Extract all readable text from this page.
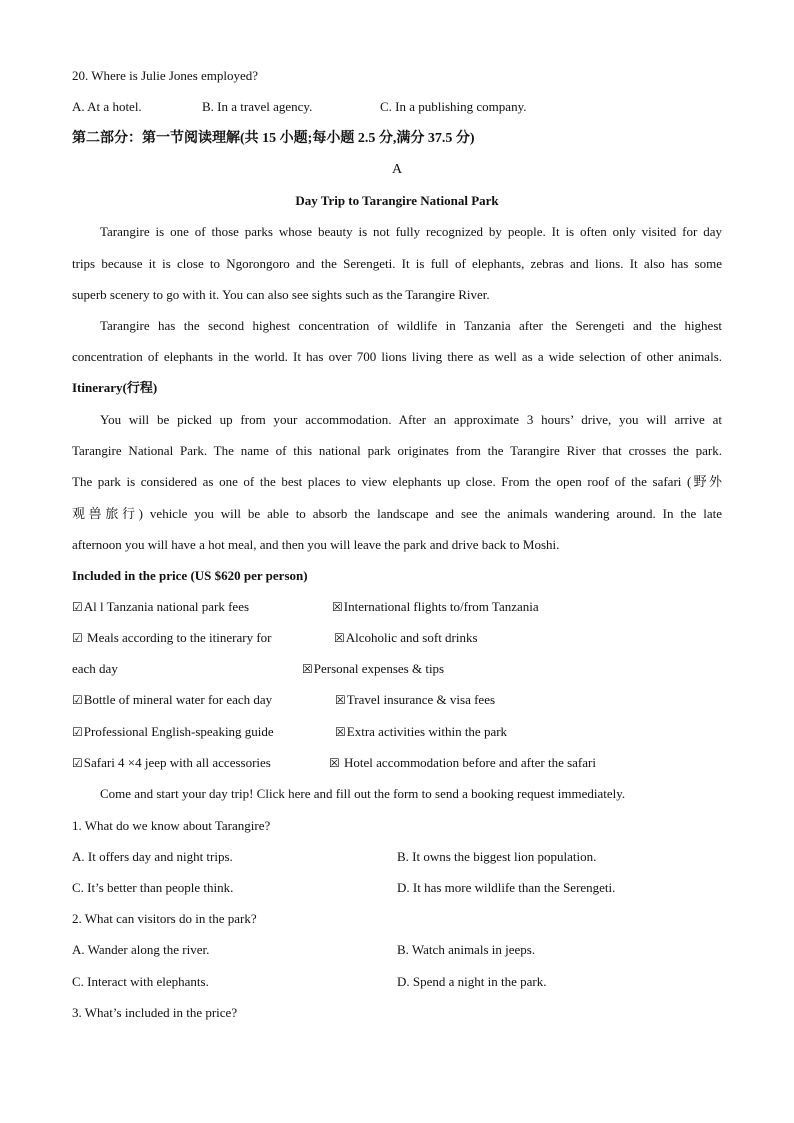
20. Where is Julie Jones employed?
A. At a hotel.	B. In a travel agency.	C. In a publishing company.
第二部分：第一节阅读理解(共 15 小题;每小题 2.5 分,满分 37.5 分)
A
Day Trip to Tarangire National Park
Tarangire is one of those parks whose beauty is not fully recognized by people. It is often only visited for day
trips because it is close to Ngorongoro and the Serengeti. It is full of elephants, zebras and lions. It also has some
superb scenery to go with it. You can also see sights such as the Tarangire River.
Tarangire has the second highest concentration of wildlife in Tanzania after the Serengeti and the highest
concentration of elephants in the world. It has over 700 lions living there as well as a wide selection of other animals.
Itinerary(行程)
You will be picked up from your accommodation. After an approximate 3 hours’ drive, you will arrive at
Tarangire National Park. The name of this national park originates from the Tarangire River that crosses the park.
The park is considered as one of the best places to view elephants up close. From the open roof of the safari (野外
观兽旅行) vehicle you will be able to absorb the landscape and see the animals wandering around. In the late
afternoon you will have a hot meal, and then you will leave the park and drive back to Moshi.
Included in the price (US $620 per person)
☑Al l Tanzania national park fees	☒International flights to/from Tanzania
☑ Meals according to the itinerary for	☒Alcoholic and soft drinks
each day	☒Personal expenses & tips
☑Bottle of mineral water for each day	☒Travel insurance & visa fees
☑Professional English-speaking guide	☒Extra activities within the park
☑Safari 4 ×4 jeep with all accessories	☒ Hotel accommodation before and after the safari
Come and start your day trip! Click here and fill out the form to send a booking request immediately.
1. What do we know about Tarangire?
A. It offers day and night trips.	B. It owns the biggest lion population.
C. It’s better than people think.	D. It has more wildlife than the Serengeti.
2. What can visitors do in the park?
A. Wander along the river.	B. Watch animals in jeeps.
C. Interact with elephants.	D. Spend a night in the park.
3. What’s included in the price?
